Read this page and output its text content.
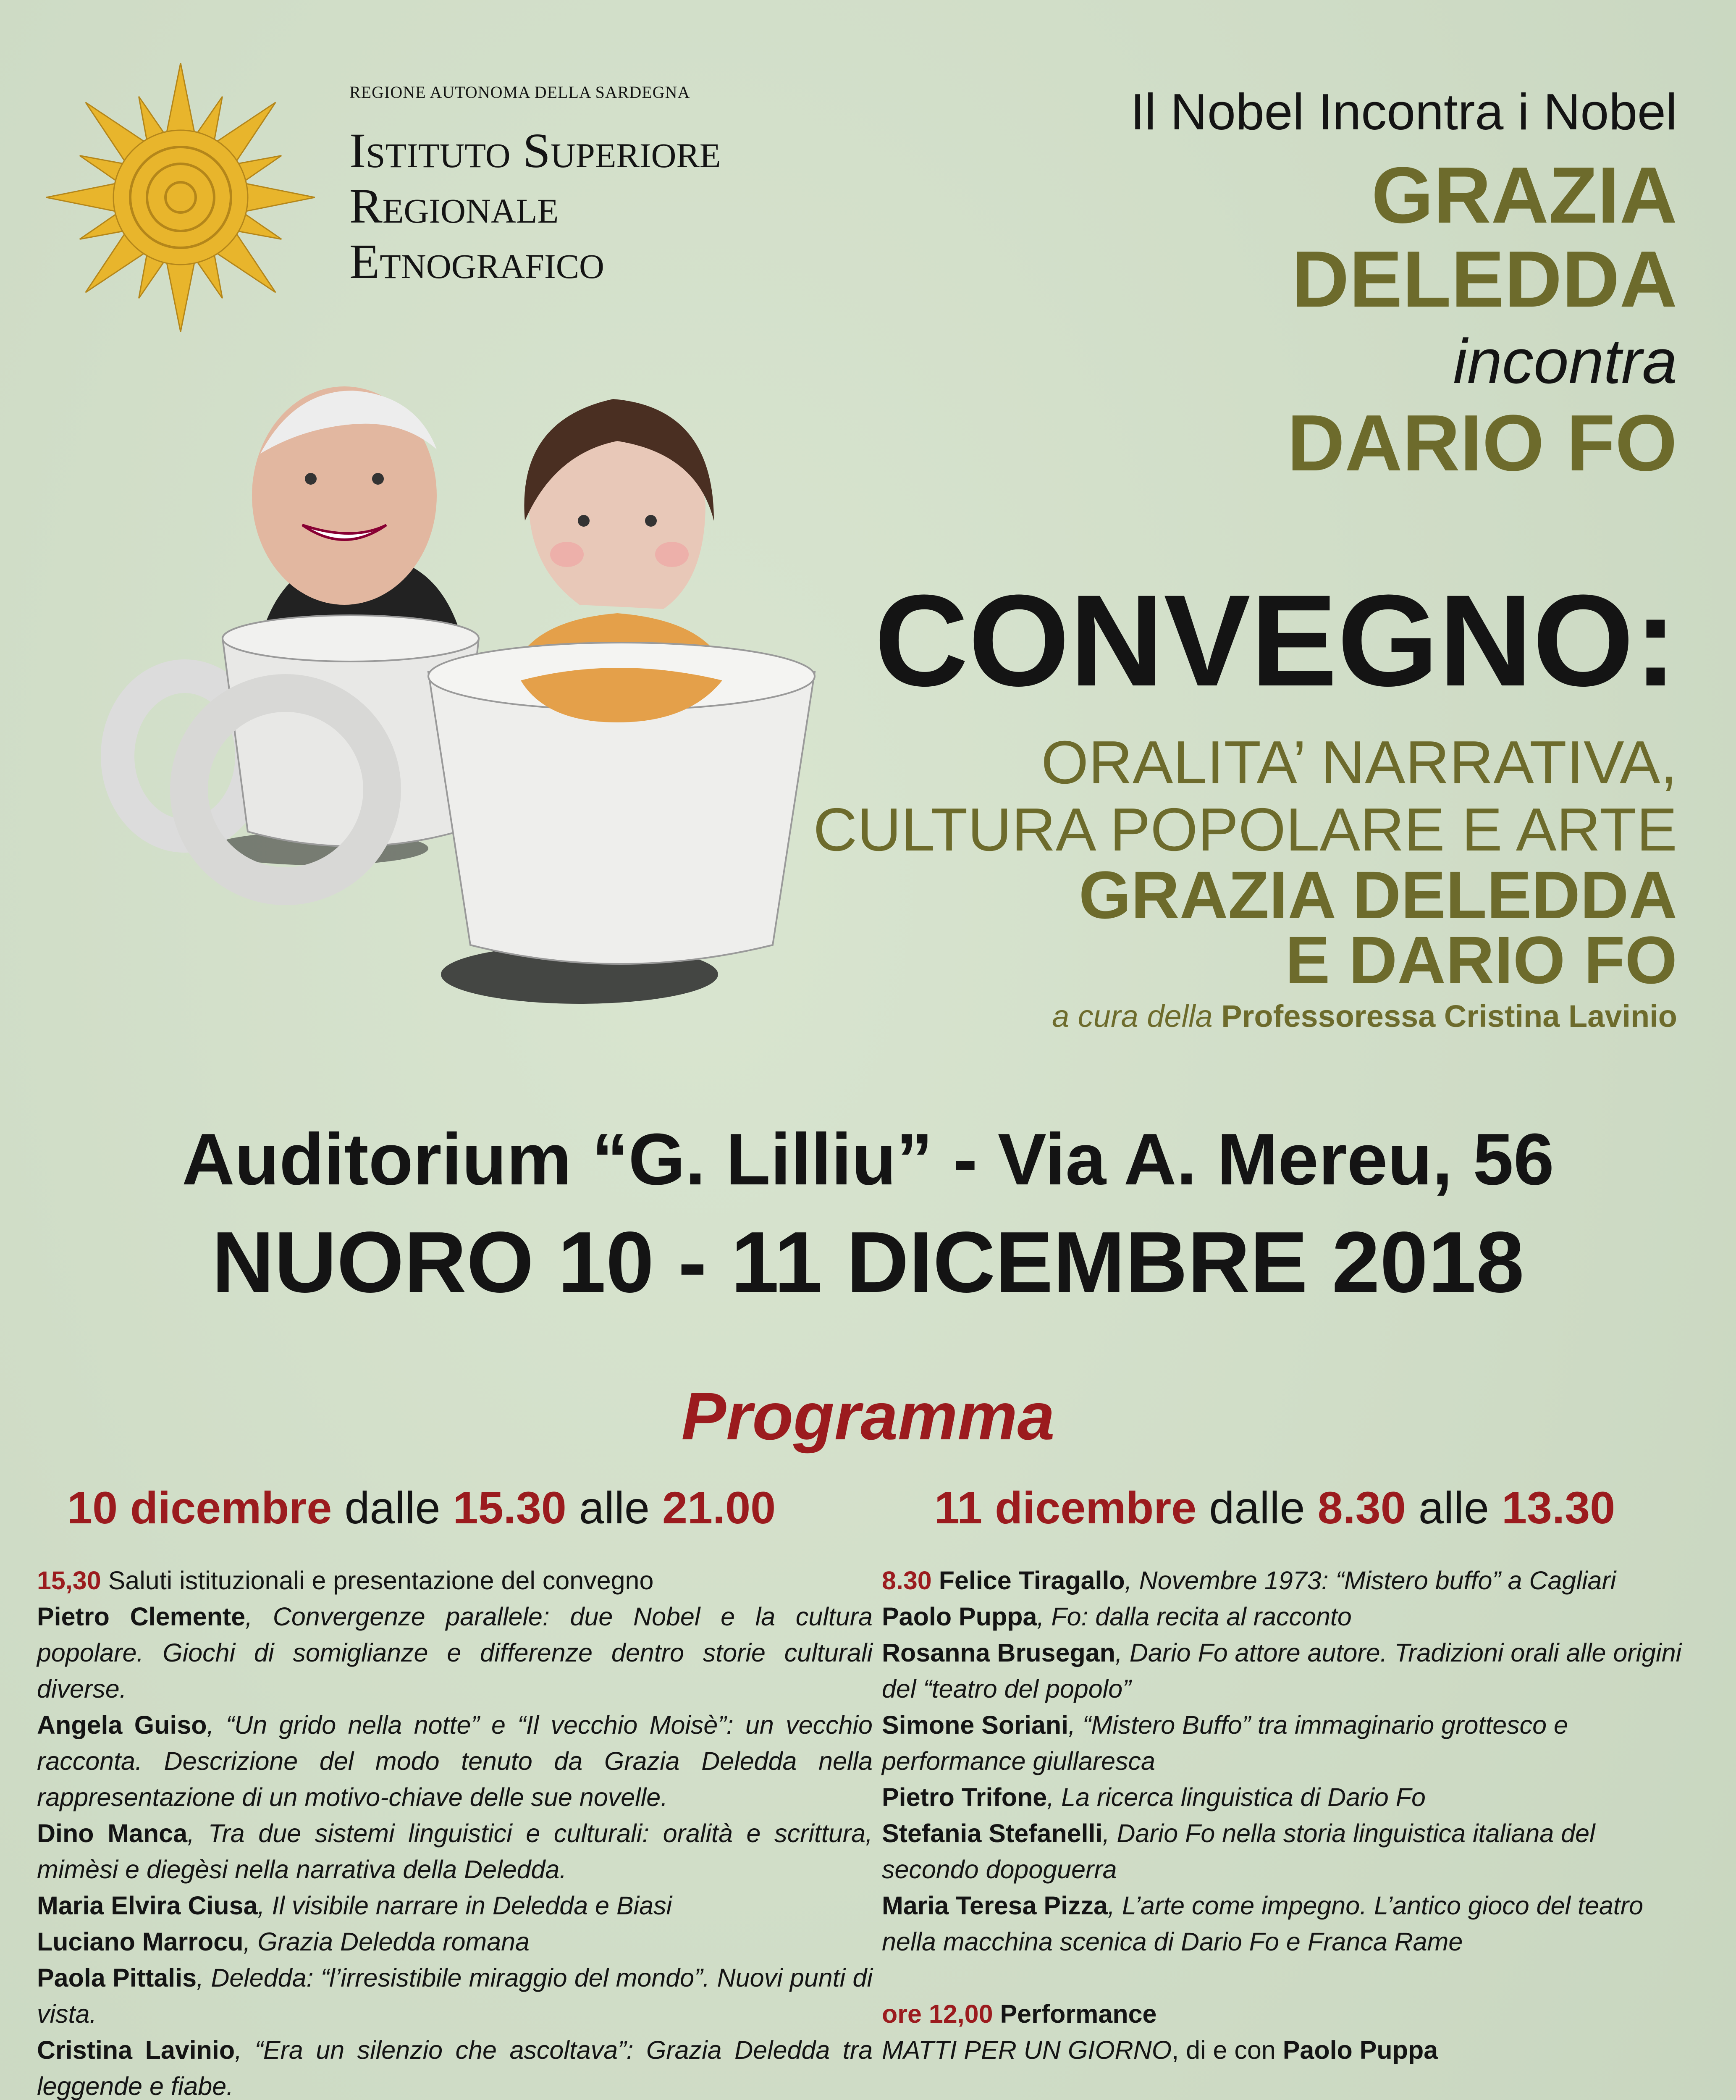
REGIONE AUTONOMA DELLA SARDEGNA
Istituto Superiore
Regionale
Etnografico
Il Nobel Incontra i Nobel
GRAZIA
DELEDDA
incontra
DARIO FO
CONVEGNO:
ORALITA’ NARRATIVA,
CULTURA POPOLARE E ARTE
GRAZIA DELEDDA
E DARIO FO
a cura della Professoressa Cristina Lavinio
Auditorium “G. Lilliu” - Via A. Mereu, 56
NUORO 10 - 11 DICEMBRE 2018
Programma
10 dicembre dalle 15.30 alle 21.00	11 dicembre dalle 8.30 alle 13.30

15,30 Saluti istituzionali e presentazione del convegno

Pietro Clemente, Convergenze parallele: due Nobel e la cultura popolare. Giochi di somiglianze e differenze dentro storie culturali diverse.

Angela Guiso, “Un grido nella notte” e “Il vecchio Moisè”: un vecchio racconta. Descrizione del modo tenuto da Grazia Deledda nella rappresentazione di un motivo-chiave delle sue novelle.

Dino Manca, Tra due sistemi linguistici e culturali: oralità e scrittura, mimèsi e diegèsi nella narrativa della Deledda.

Maria Elvira Ciusa, Il visibile narrare in Deledda e Biasi

Luciano Marrocu, Grazia Deledda romana

Paola Pittalis, Deledda: “l’irresistibile miraggio del mondo”. Nuovi punti di vista.

Cristina Lavinio, “Era un silenzio che ascoltava”: Grazia Deledda tra leggende e fiabe.

8.30 Felice Tiragallo, Novembre 1973: “Mistero buffo” a Cagliari

Paolo Puppa, Fo: dalla recita al racconto

Rosanna Brusegan, Dario Fo attore autore. Tradizioni orali alle origini del “teatro del popolo”

Simone Soriani, “Mistero Buffo” tra immaginario grottesco e performance giullaresca

Pietro Trifone, La ricerca linguistica di Dario Fo

Stefania Stefanelli, Dario Fo nella storia linguistica italiana del secondo dopoguerra

Maria Teresa Pizza, L’arte come impegno. L’antico gioco del teatro nella macchina scenica di Dario Fo e Franca Rame

ore 12,00 Performance

MATTI PER UN GIORNO, di e con Paolo Puppa
